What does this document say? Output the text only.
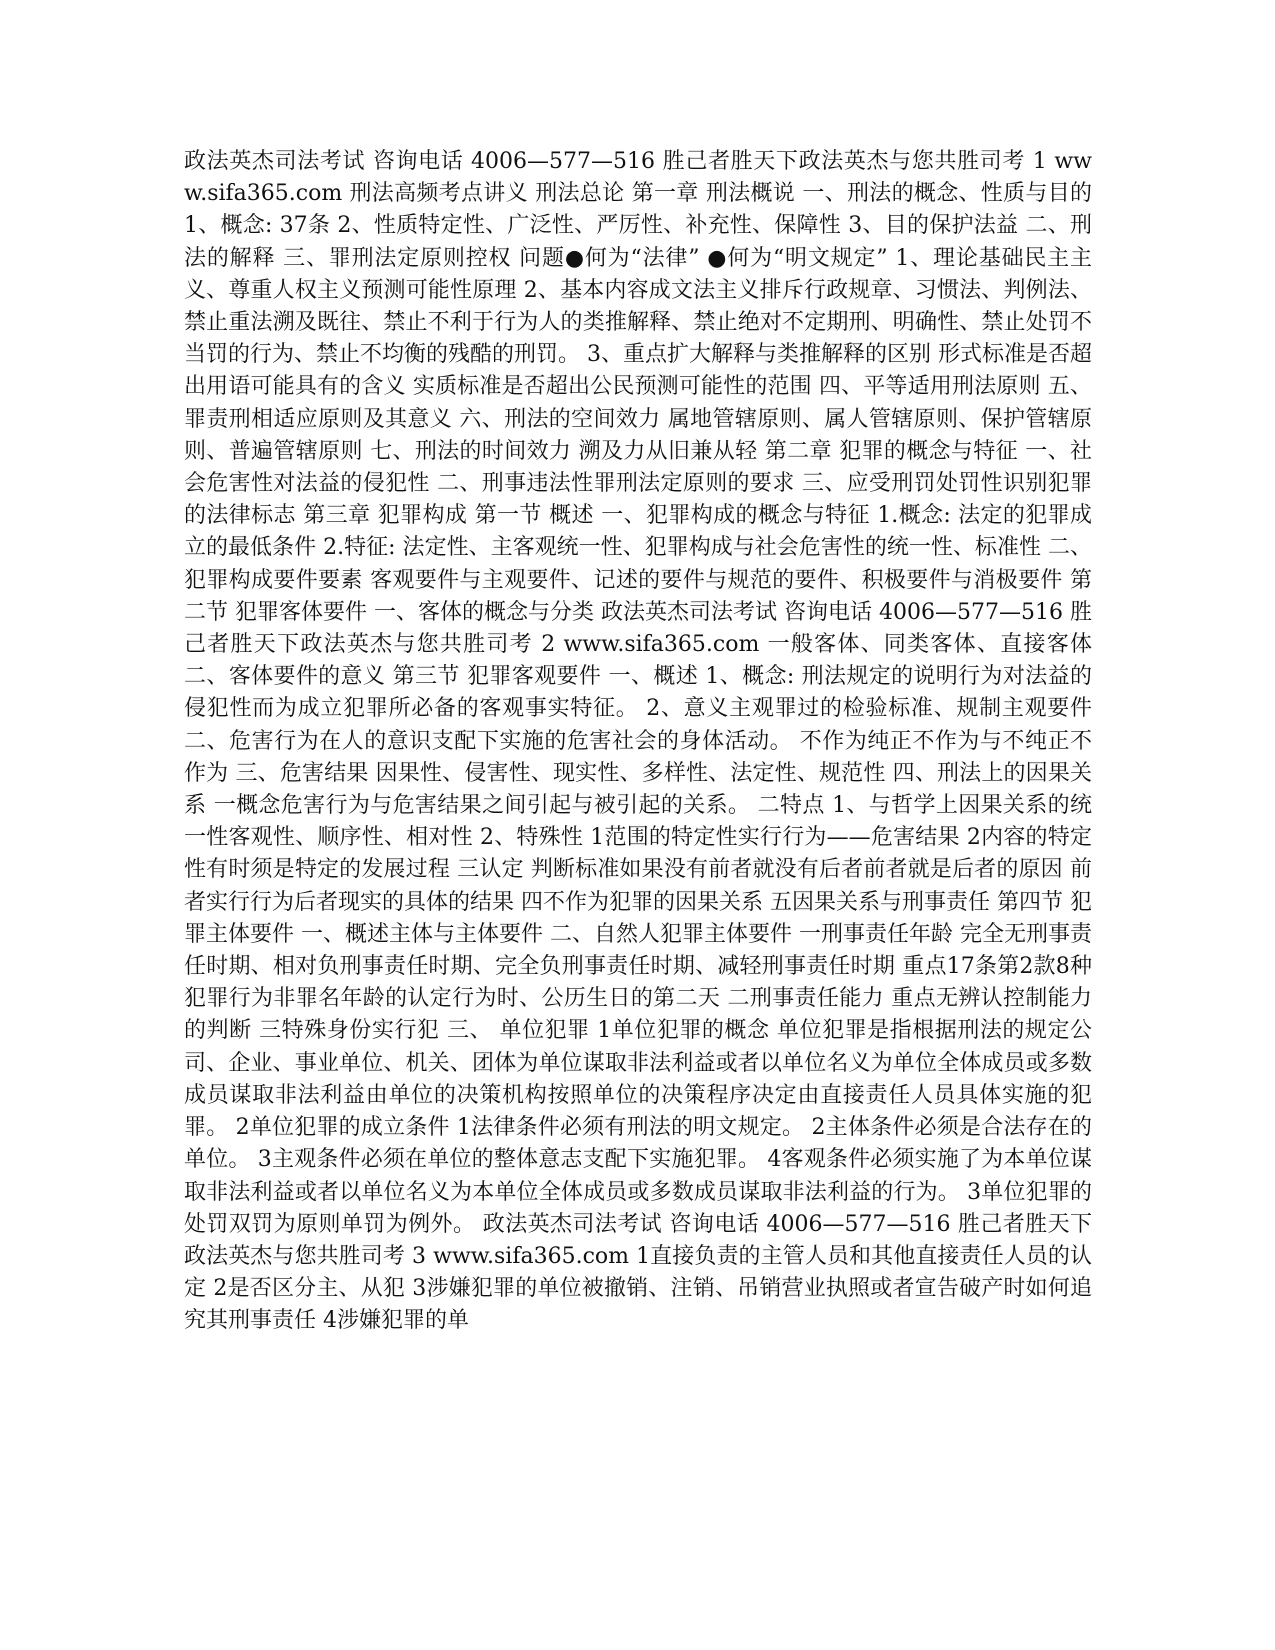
政法英杰司法考试 咨询电话 4006—577—516 胜己者胜天下政法英杰与您共胜司考 1 www.sifa365.com 刑法高频考点讲义 刑法总论 第一章 刑法概说 一、刑法的概念、性质与目的 1、概念: 37条 2、性质特定性、广泛性、严厉性、补充性、保障性 3、目的保护法益 二、刑法的解释 三、罪刑法定原则控权 问题●何为“法律” ●何为“明文规定” 1、理论基础民主主义、尊重人权主义预测可能性原理 2、基本内容成文法主义排斥行政规章、习惯法、判例法、禁止重法溯及既往、禁止不利于行为人的类推解释、禁止绝对不定期刑、明确性、禁止处罚不当罚的行为、禁止不均衡的残酷的刑罚。 3、重点扩大解释与类推解释的区别 形式标准是否超出用语可能具有的含义 实质标准是否超出公民预测可能性的范围 四、平等适用刑法原则 五、罪责刑相适应原则及其意义 六、刑法的空间效力 属地管辖原则、属人管辖原则、保护管辖原则、普遍管辖原则 七、刑法的时间效力 溯及力从旧兼从轻 第二章 犯罪的概念与特征 一、社会危害性对法益的侵犯性 二、刑事违法性罪刑法定原则的要求 三、应受刑罚处罚性识别犯罪的法律标志 第三章 犯罪构成 第一节 概述 一、犯罪构成的概念与特征 1.概念: 法定的犯罪成立的最低条件 2.特征: 法定性、主客观统一性、犯罪构成与社会危害性的统一性、标准性 二、犯罪构成要件要素 客观要件与主观要件、记述的要件与规范的要件、积极要件与消极要件 第二节 犯罪客体要件 一、客体的概念与分类 政法英杰司法考试 咨询电话 4006—577—516 胜己者胜天下政法英杰与您共胜司考 2 www.sifa365.com 一般客体、同类客体、直接客体 二、客体要件的意义 第三节 犯罪客观要件 一、概述 1、概念: 刑法规定的说明行为对法益的侵犯性而为成立犯罪所必备的客观事实特征。 2、意义主观罪过的检验标准、规制主观要件 二、危害行为在人的意识支配下实施的危害社会的身体活动。 不作为纯正不作为与不纯正不作为 三、危害结果 因果性、侵害性、现实性、多样性、法定性、规范性 四、刑法上的因果关系 一概念危害行为与危害结果之间引起与被引起的关系。 二特点 1、与哲学上因果关系的统一性客观性、顺序性、相对性 2、特殊性 1范围的特定性实行行为——危害结果 2内容的特定性有时须是特定的发展过程 三认定 判断标准如果没有前者就没有后者前者就是后者的原因 前者实行行为后者现实的具体的结果 四不作为犯罪的因果关系 五因果关系与刑事责任 第四节 犯罪主体要件 一、概述主体与主体要件 二、自然人犯罪主体要件 一刑事责任年龄 完全无刑事责任时期、相对负刑事责任时期、完全负刑事责任时期、减轻刑事责任时期 重点17条第2款8种犯罪行为非罪名年龄的认定行为时、公历生日的第二天 二刑事责任能力 重点无辨认控制能力的判断 三特殊身份实行犯 三、 单位犯罪 1单位犯罪的概念 单位犯罪是指根据刑法的规定公司、企业、事业单位、机关、团体为单位谋取非法利益或者以单位名义为单位全体成员或多数成员谋取非法利益由单位的决策机构按照单位的决策程序决定由直接责任人员具体实施的犯罪。 2单位犯罪的成立条件 1法律条件必须有刑法的明文规定。 2主体条件必须是合法存在的单位。 3主观条件必须在单位的整体意志支配下实施犯罪。 4客观条件必须实施了为本单位谋取非法利益或者以单位名义为本单位全体成员或多数成员谋取非法利益的行为。 3单位犯罪的处罚双罚为原则单罚为例外。 政法英杰司法考试 咨询电话 4006—577—516 胜己者胜天下政法英杰与您共胜司考 3 www.sifa365.com 1直接负责的主管人员和其他直接责任人员的认定 2是否区分主、从犯 3涉嫌犯罪的单位被撤销、注销、吊销营业执照或者宣告破产时如何追究其刑事责任 4涉嫌犯罪的单
